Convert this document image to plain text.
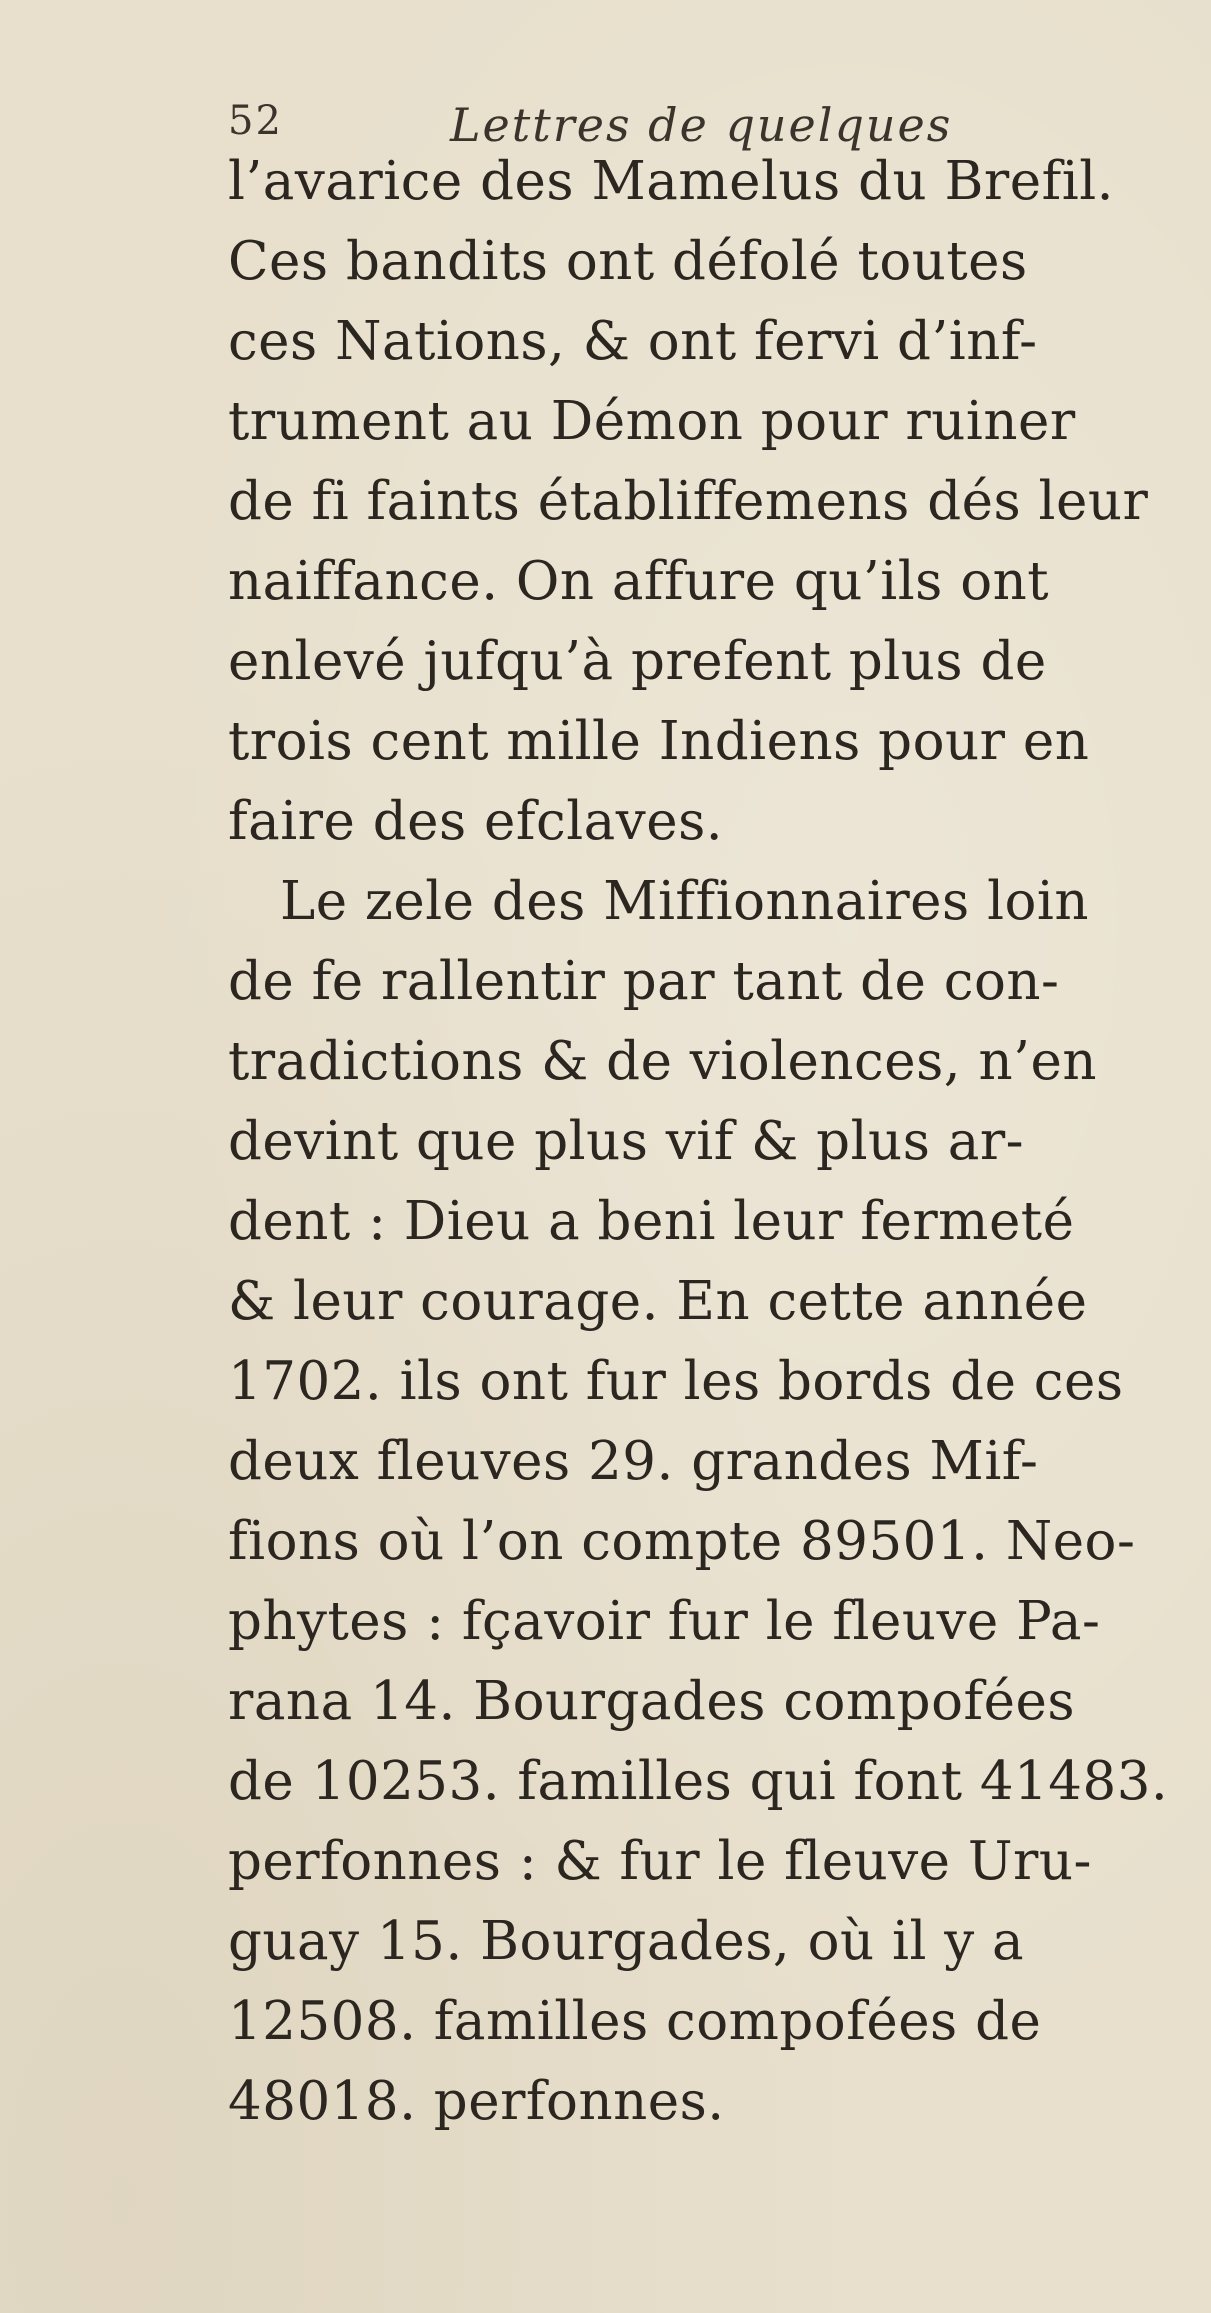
52	Lettres de quelques
l’avarice des Mamelus du Brefil.
Ces bandits ont défolé toutes
ces Nations, & ont fervi d’inf-
trument au Démon pour ruiner
de fi faints établiffemens dés leur
naiffance. On affure qu’ils ont
enlevé jufqu’à prefent plus de
trois cent mille Indiens pour en
faire des efclaves.
Le zele des Miffionnaires loin
de fe rallentir par tant de con-
tradictions & de violences, n’en
devint que plus vif & plus ar-
dent : Dieu a beni leur fermeté
& leur courage. En cette année
1702. ils ont fur les bords de ces
deux fleuves 29. grandes Mif-
fions où l’on compte 89501. Neo-
phytes : fçavoir fur le fleuve Pa-
rana 14. Bourgades compofées
de 10253. familles qui font 41483.
perfonnes : & fur le fleuve Uru-
guay 15. Bourgades, où il y a
12508. familles compofées de
48018. perfonnes.
